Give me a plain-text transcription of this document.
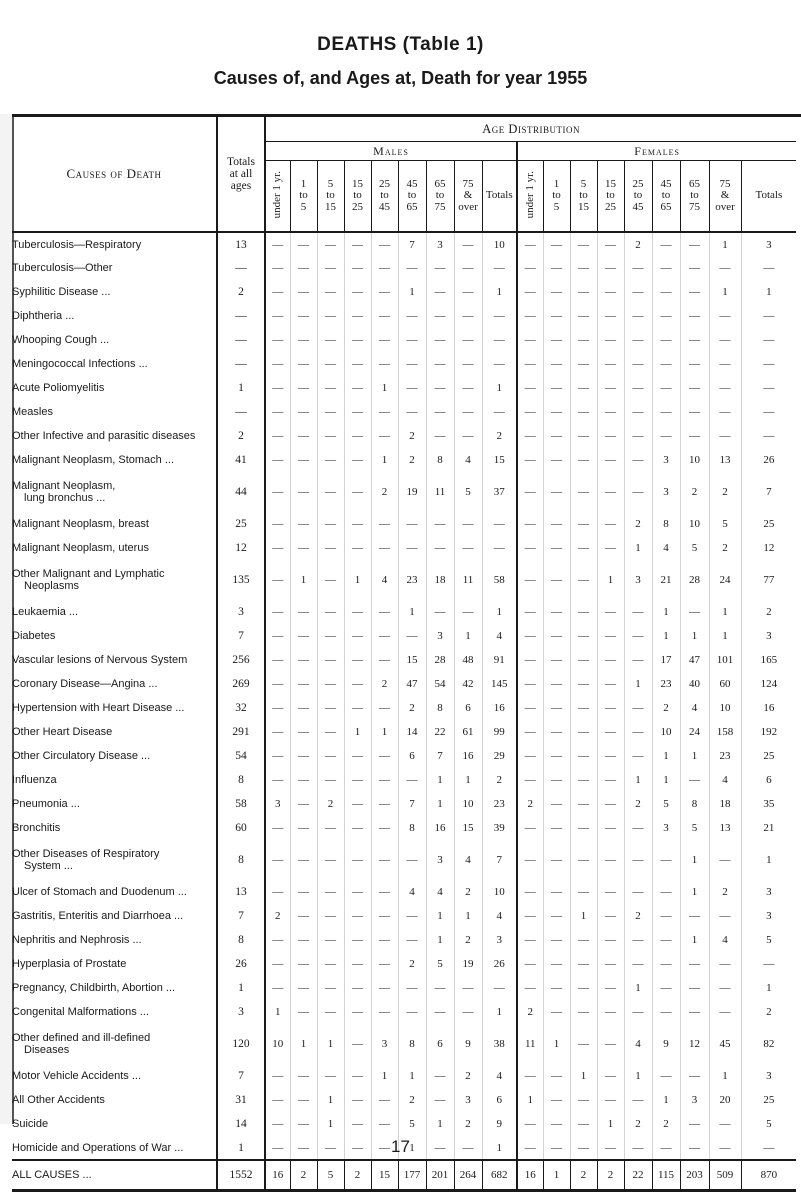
DEATHS (Table 1)
Causes of, and Ages at, Death for year 1955
Causes of Death	Totals
at all
ages	Age Distribution																	
		Males									Females								
		under 1 yr.	1
to
5	5
to
15	15
to
25	25
to
45	45
to
65	65
to
75	75
&
over	Totals	under 1 yr.	1
to
5	5
to
15	15
to
25	25
to
45	45
to
65	65
to
75	75
&
over	Totals
Tuberculosis—Respiratory	13	—	—	—	—	—	7	3	—	10	—	—	—	—	2	—	—	1	3
Tuberculosis—Other	—	—	—	—	—	—	—	—	—	—	—	—	—	—	—	—	—	—	—
Syphilitic Disease ...	2	—	—	—	—	—	1	—	—	1	—	—	—	—	—	—	—	1	1
Diphtheria ...	—	—	—	—	—	—	—	—	—	—	—	—	—	—	—	—	—	—	—
Whooping Cough ...	—	—	—	—	—	—	—	—	—	—	—	—	—	—	—	—	—	—	—
Meningococcal Infections ...	—	—	—	—	—	—	—	—	—	—	—	—	—	—	—	—	—	—	—
Acute Poliomyelitis	1	—	—	—	—	1	—	—	—	1	—	—	—	—	—	—	—	—	—
Measles	—	—	—	—	—	—	—	—	—	—	—	—	—	—	—	—	—	—	—
Other Infective and parasitic diseases	2	—	—	—	—	—	2	—	—	2	—	—	—	—	—	—	—	—	—
Malignant Neoplasm, Stomach ...	41	—	—	—	—	1	2	8	4	15	—	—	—	—	—	3	10	13	26
Malignant Neoplasm,

lung bronchus ...	44	—	—	—	—	2	19	11	5	37	—	—	—	—	—	3	2	2	7
Malignant Neoplasm, breast	25	—	—	—	—	—	—	—	—	—	—	—	—	—	2	8	10	5	25
Malignant Neoplasm, uterus	12	—	—	—	—	—	—	—	—	—	—	—	—	—	1	4	5	2	12
Other Malignant and Lymphatic

Neoplasms	135	—	1	—	1	4	23	18	11	58	—	—	—	1	3	21	28	24	77
Leukaemia ...	3	—	—	—	—	—	1	—	—	1	—	—	—	—	—	1	—	1	2
Diabetes	7	—	—	—	—	—	—	3	1	4	—	—	—	—	—	1	1	1	3
Vascular lesions of Nervous System	256	—	—	—	—	—	15	28	48	91	—	—	—	—	—	17	47	101	165
Coronary Disease—Angina ...	269	—	—	—	—	2	47	54	42	145	—	—	—	—	1	23	40	60	124
Hypertension with Heart Disease ...	32	—	—	—	—	—	2	8	6	16	—	—	—	—	—	2	4	10	16
Other Heart Disease	291	—	—	—	1	1	14	22	61	99	—	—	—	—	—	10	24	158	192
Other Circulatory Disease ...	54	—	—	—	—	—	6	7	16	29	—	—	—	—	—	1	1	23	25
Influenza	8	—	—	—	—	—	—	1	1	2	—	—	—	—	1	1	—	4	6
Pneumonia ...	58	3	—	2	—	—	7	1	10	23	2	—	—	—	2	5	8	18	35
Bronchitis	60	—	—	—	—	—	8	16	15	39	—	—	—	—	—	3	5	13	21
Other Diseases of Respiratory

System ...	8	—	—	—	—	—	—	3	4	7	—	—	—	—	—	—	1	—	1
Ulcer of Stomach and Duodenum ...	13	—	—	—	—	—	4	4	2	10	—	—	—	—	—	—	1	2	3
Gastritis, Enteritis and Diarrhoea ...	7	2	—	—	—	—	—	1	1	4	—	—	1	—	2	—	—	—	3
Nephritis and Nephrosis ...	8	—	—	—	—	—	—	1	2	3	—	—	—	—	—	—	1	4	5
Hyperplasia of Prostate	26	—	—	—	—	—	2	5	19	26	—	—	—	—	—	—	—	—	—
Pregnancy, Childbirth, Abortion ...	1	—	—	—	—	—	—	—	—	—	—	—	—	—	1	—	—	—	1
Congenital Malformations ...	3	1	—	—	—	—	—	—	—	1	2	—	—	—	—	—	—	—	2
Other defined and ill-defined

Diseases	120	10	1	1	—	3	8	6	9	38	11	1	—	—	4	9	12	45	82
Motor Vehicle Accidents ...	7	—	—	—	—	1	1	—	2	4	—	—	1	—	1	—	—	1	3
All Other Accidents	31	—	—	1	—	—	2	—	3	6	1	—	—	—	—	1	3	20	25
Suicide	14	—	—	1	—	—	5	1	2	9	—	—	—	1	2	2	—	—	5
Homicide and Operations of War ...	1	—	—	—	—	—	1	—	—	1	—	—	—	—	—	—	—	—	—
ALL CAUSES ...	1552	16	2	5	2	15	177	201	264	682	16	1	2	2	22	115	203	509	870
17
